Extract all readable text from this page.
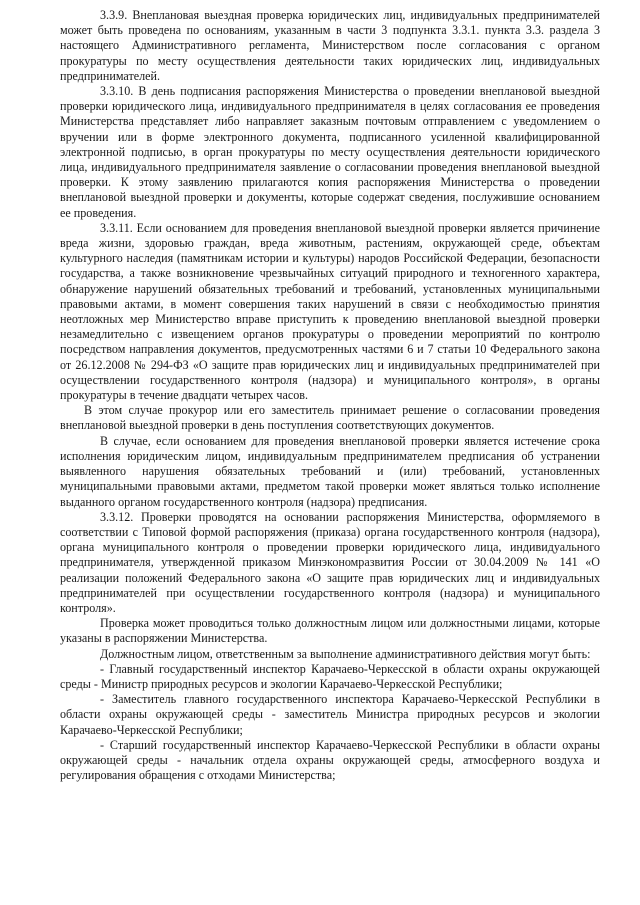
3.3.9. Внеплановая выездная проверка юридических лиц, индивидуальных предпринимателей может быть проведена по основаниям, указанным в части 3 подпункта 3.3.1. пункта 3.3. раздела 3 настоящего Административного регламента, Министерством после согласования с органом прокуратуры по месту осуществления деятельности таких юридических лиц, индивидуальных предпринимателей.

3.3.10. В день подписания распоряжения Министерства о проведении внеплановой выездной проверки юридического лица, индивидуального предпринимателя в целях согласования ее проведения Министерства представляет либо направляет заказным почтовым отправлением с уведомлением о вручении или в форме электронного документа, подписанного усиленной квалифицированной электронной подписью, в орган прокуратуры по месту осуществления деятельности юридического лица, индивидуального предпринимателя заявление о согласовании проведения внеплановой выездной проверки. К этому заявлению прилагаются копия распоряжения Министерства о проведении внеплановой выездной проверки и документы, которые содержат сведения, послужившие основанием ее проведения.

3.3.11. Если основанием для проведения внеплановой выездной проверки является причинение вреда жизни, здоровью граждан, вреда животным, растениям, окружающей среде, объектам культурного наследия (памятникам истории и культуры) народов Российской Федерации, безопасности государства, а также возникновение чрезвычайных ситуаций природного и техногенного характера, обнаружение нарушений обязательных требований и требований, установленных муниципальными правовыми актами, в момент совершения таких нарушений в связи с необходимостью принятия неотложных мер Министерство вправе приступить к проведению внеплановой выездной проверки незамедлительно с извещением органов прокуратуры о проведении мероприятий по контролю посредством направления документов, предусмотренных частями 6 и 7 статьи 10 Федерального закона от 26.12.2008 № 294-ФЗ «О защите прав юридических лиц и индивидуальных предпринимателей при осуществлении государственного контроля (надзора) и муниципального контроля», в органы прокуратуры в течение двадцати четырех часов.

В этом случае прокурор или его заместитель принимает решение о согласовании проведения внеплановой выездной проверки в день поступления соответствующих документов.

В случае, если основанием для проведения внеплановой проверки является истечение срока исполнения юридическим лицом, индивидуальным предпринимателем предписания об устранении выявленного нарушения обязательных требований и (или) требований, установленных муниципальными правовыми актами, предметом такой проверки может являться только исполнение выданного органом государственного контроля (надзора) предписания.

3.3.12. Проверки проводятся на основании распоряжения Министерства, оформляемого в соответствии с Типовой формой распоряжения (приказа) органа государственного контроля (надзора), органа муниципального контроля о проведении проверки юридического лица, индивидуального предпринимателя, утвержденной приказом Минэкономразвития России от 30.04.2009 № 141 «О реализации положений Федерального закона «О защите прав юридических лиц и индивидуальных предпринимателей при осуществлении государственного контроля (надзора) и муниципального контроля».

Проверка может проводиться только должностным лицом или должностными лицами, которые указаны в распоряжении Министерства.

Должностным лицом, ответственным за выполнение административного действия могут быть:

- Главный государственный инспектор Карачаево-Черкесской в области охраны окружающей среды - Министр природных ресурсов и экологии Карачаево-Черкесской Республики;

- Заместитель главного государственного инспектора Карачаево-Черкесской Республики в области охраны окружающей среды - заместитель Министра природных ресурсов и экологии Карачаево-Черкесской Республики;

- Старший государственный инспектор Карачаево-Черкесской Республики в области охраны окружающей среды - начальник отдела охраны окружающей среды, атмосферного воздуха и регулирования обращения с отходами Министерства;
